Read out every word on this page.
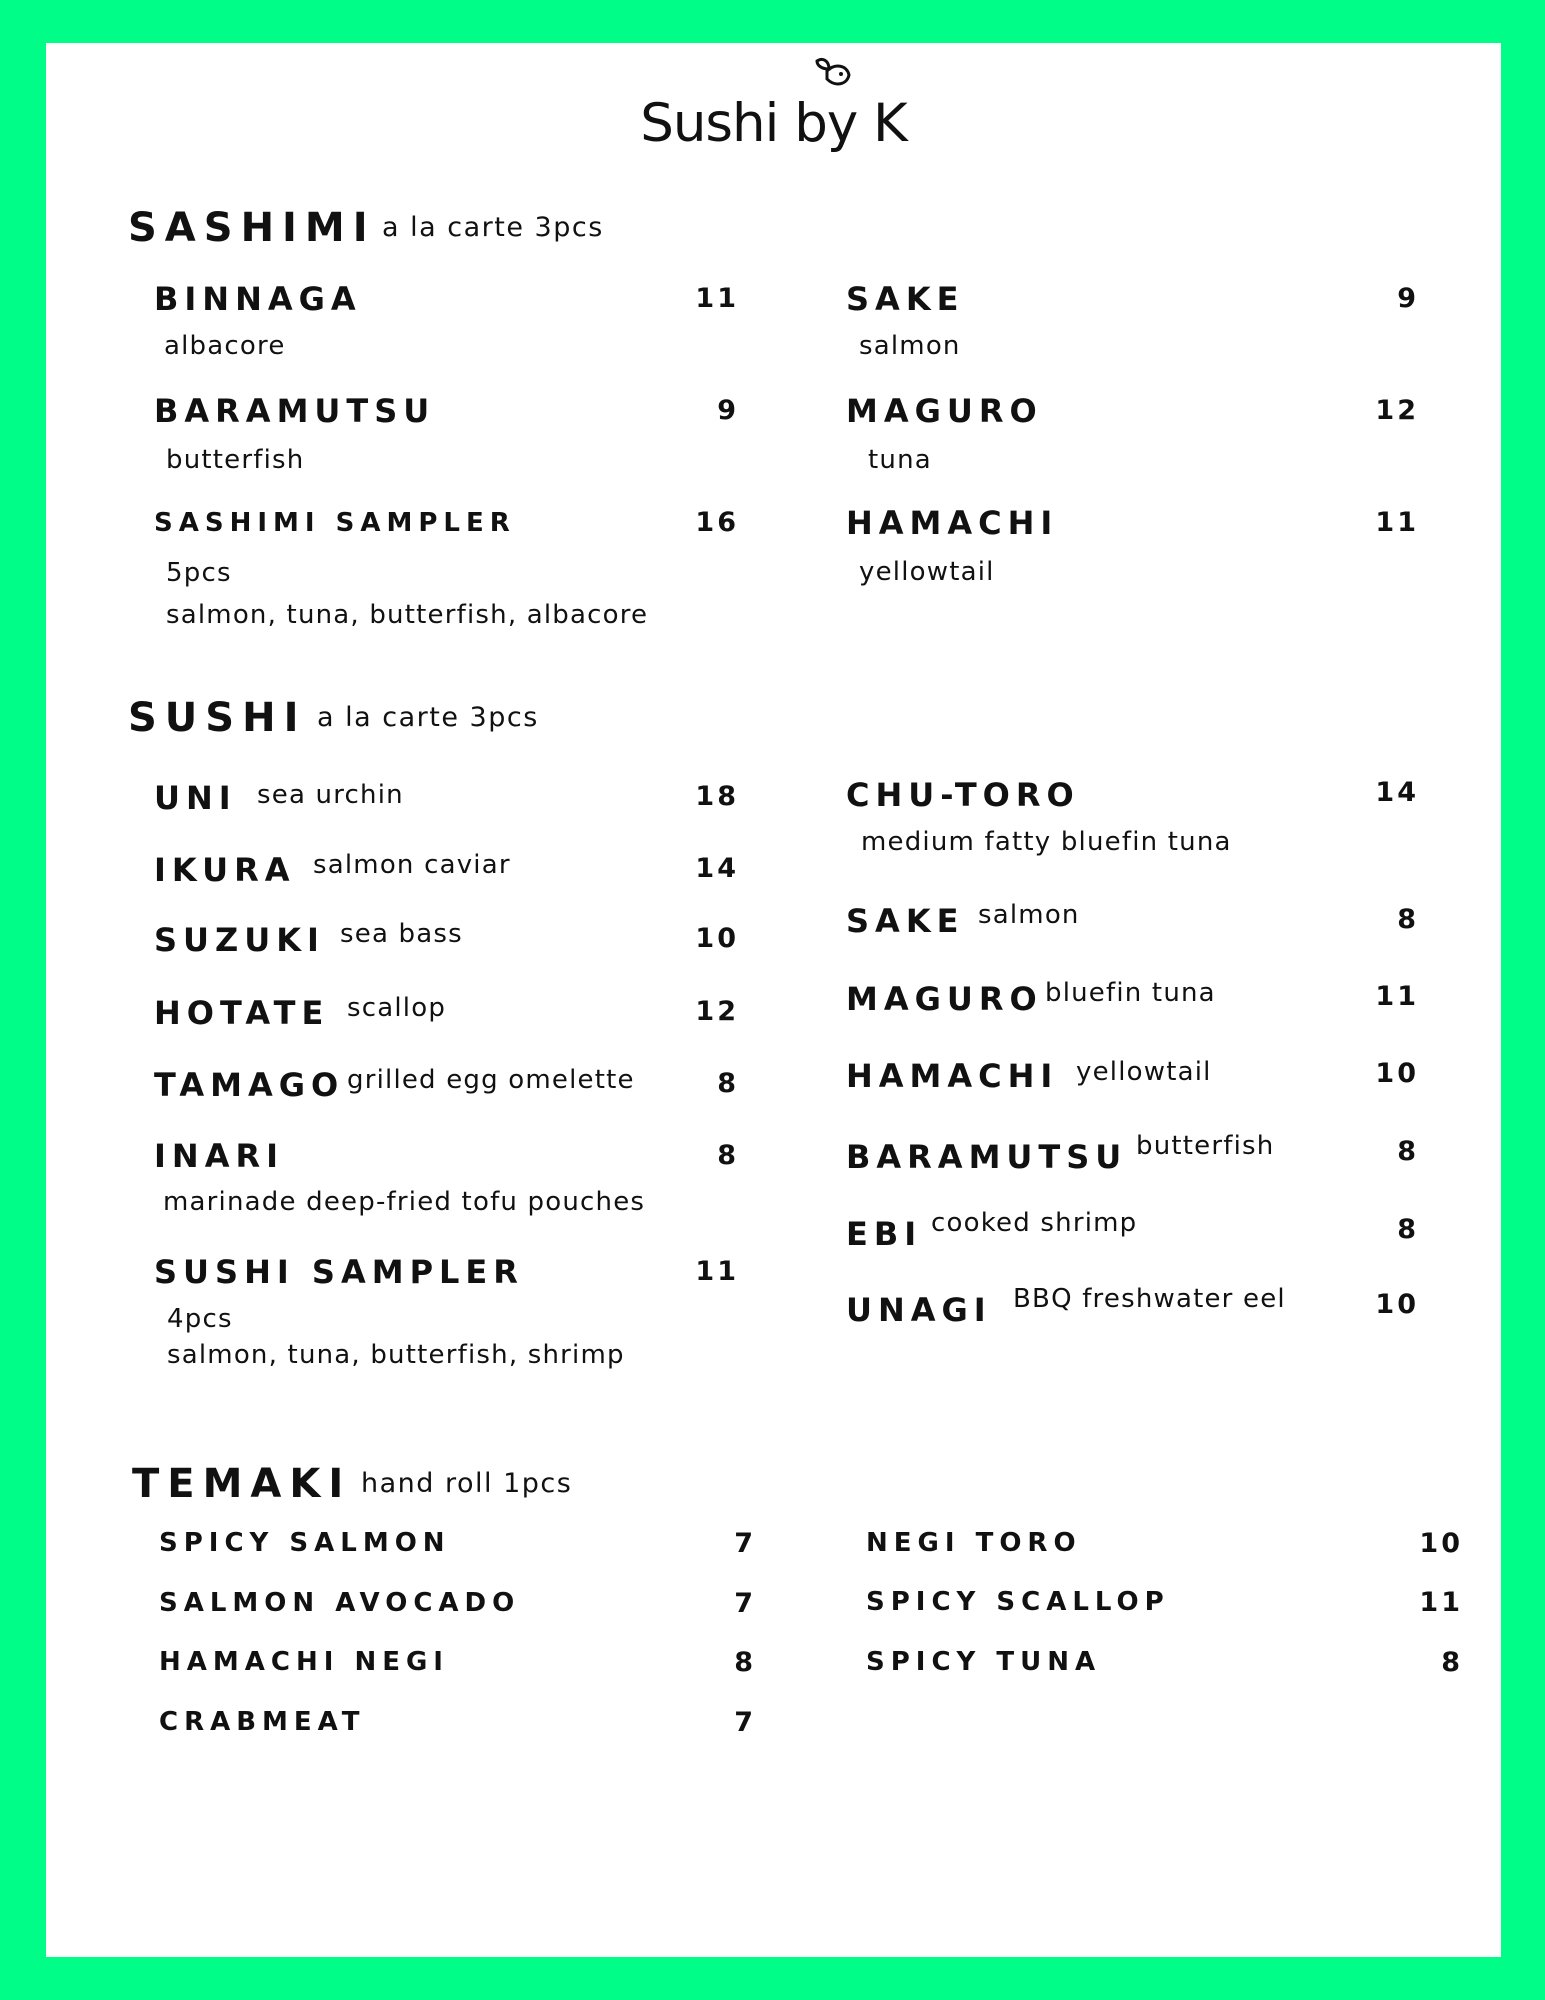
Sushi by K
SASHIMI a la carte 3pcs
BINNAGA	11
albacore
BARAMUTSU	9
butterfish
SASHIMI SAMPLER	16
5pcs
salmon, tuna, butterfish, albacore
SAKE	9
salmon
MAGURO	12
tuna
HAMACHI	11
yellowtail
SUSHI a la carte 3pcs
UNI sea urchin	18
IKURA salmon caviar	14
SUZUKI sea bass	10
HOTATE scallop	12
TAMAGO grilled egg omelette	8
INARI	8
marinade deep-fried tofu pouches
SUSHI SAMPLER	11
4pcs
salmon, tuna, butterfish, shrimp
CHU-TORO	14
medium fatty bluefin tuna
SAKE salmon	8
MAGURO bluefin tuna	11
HAMACHI yellowtail	10
BARAMUTSU butterfish	8
EBI cooked shrimp	8
UNAGI BBQ freshwater eel	10
TEMAKI hand roll 1pcs
SPICY SALMON	7
SALMON AVOCADO	7
HAMACHI NEGI	8
CRABMEAT	7
NEGI TORO	10
SPICY SCALLOP	11
SPICY TUNA	8
